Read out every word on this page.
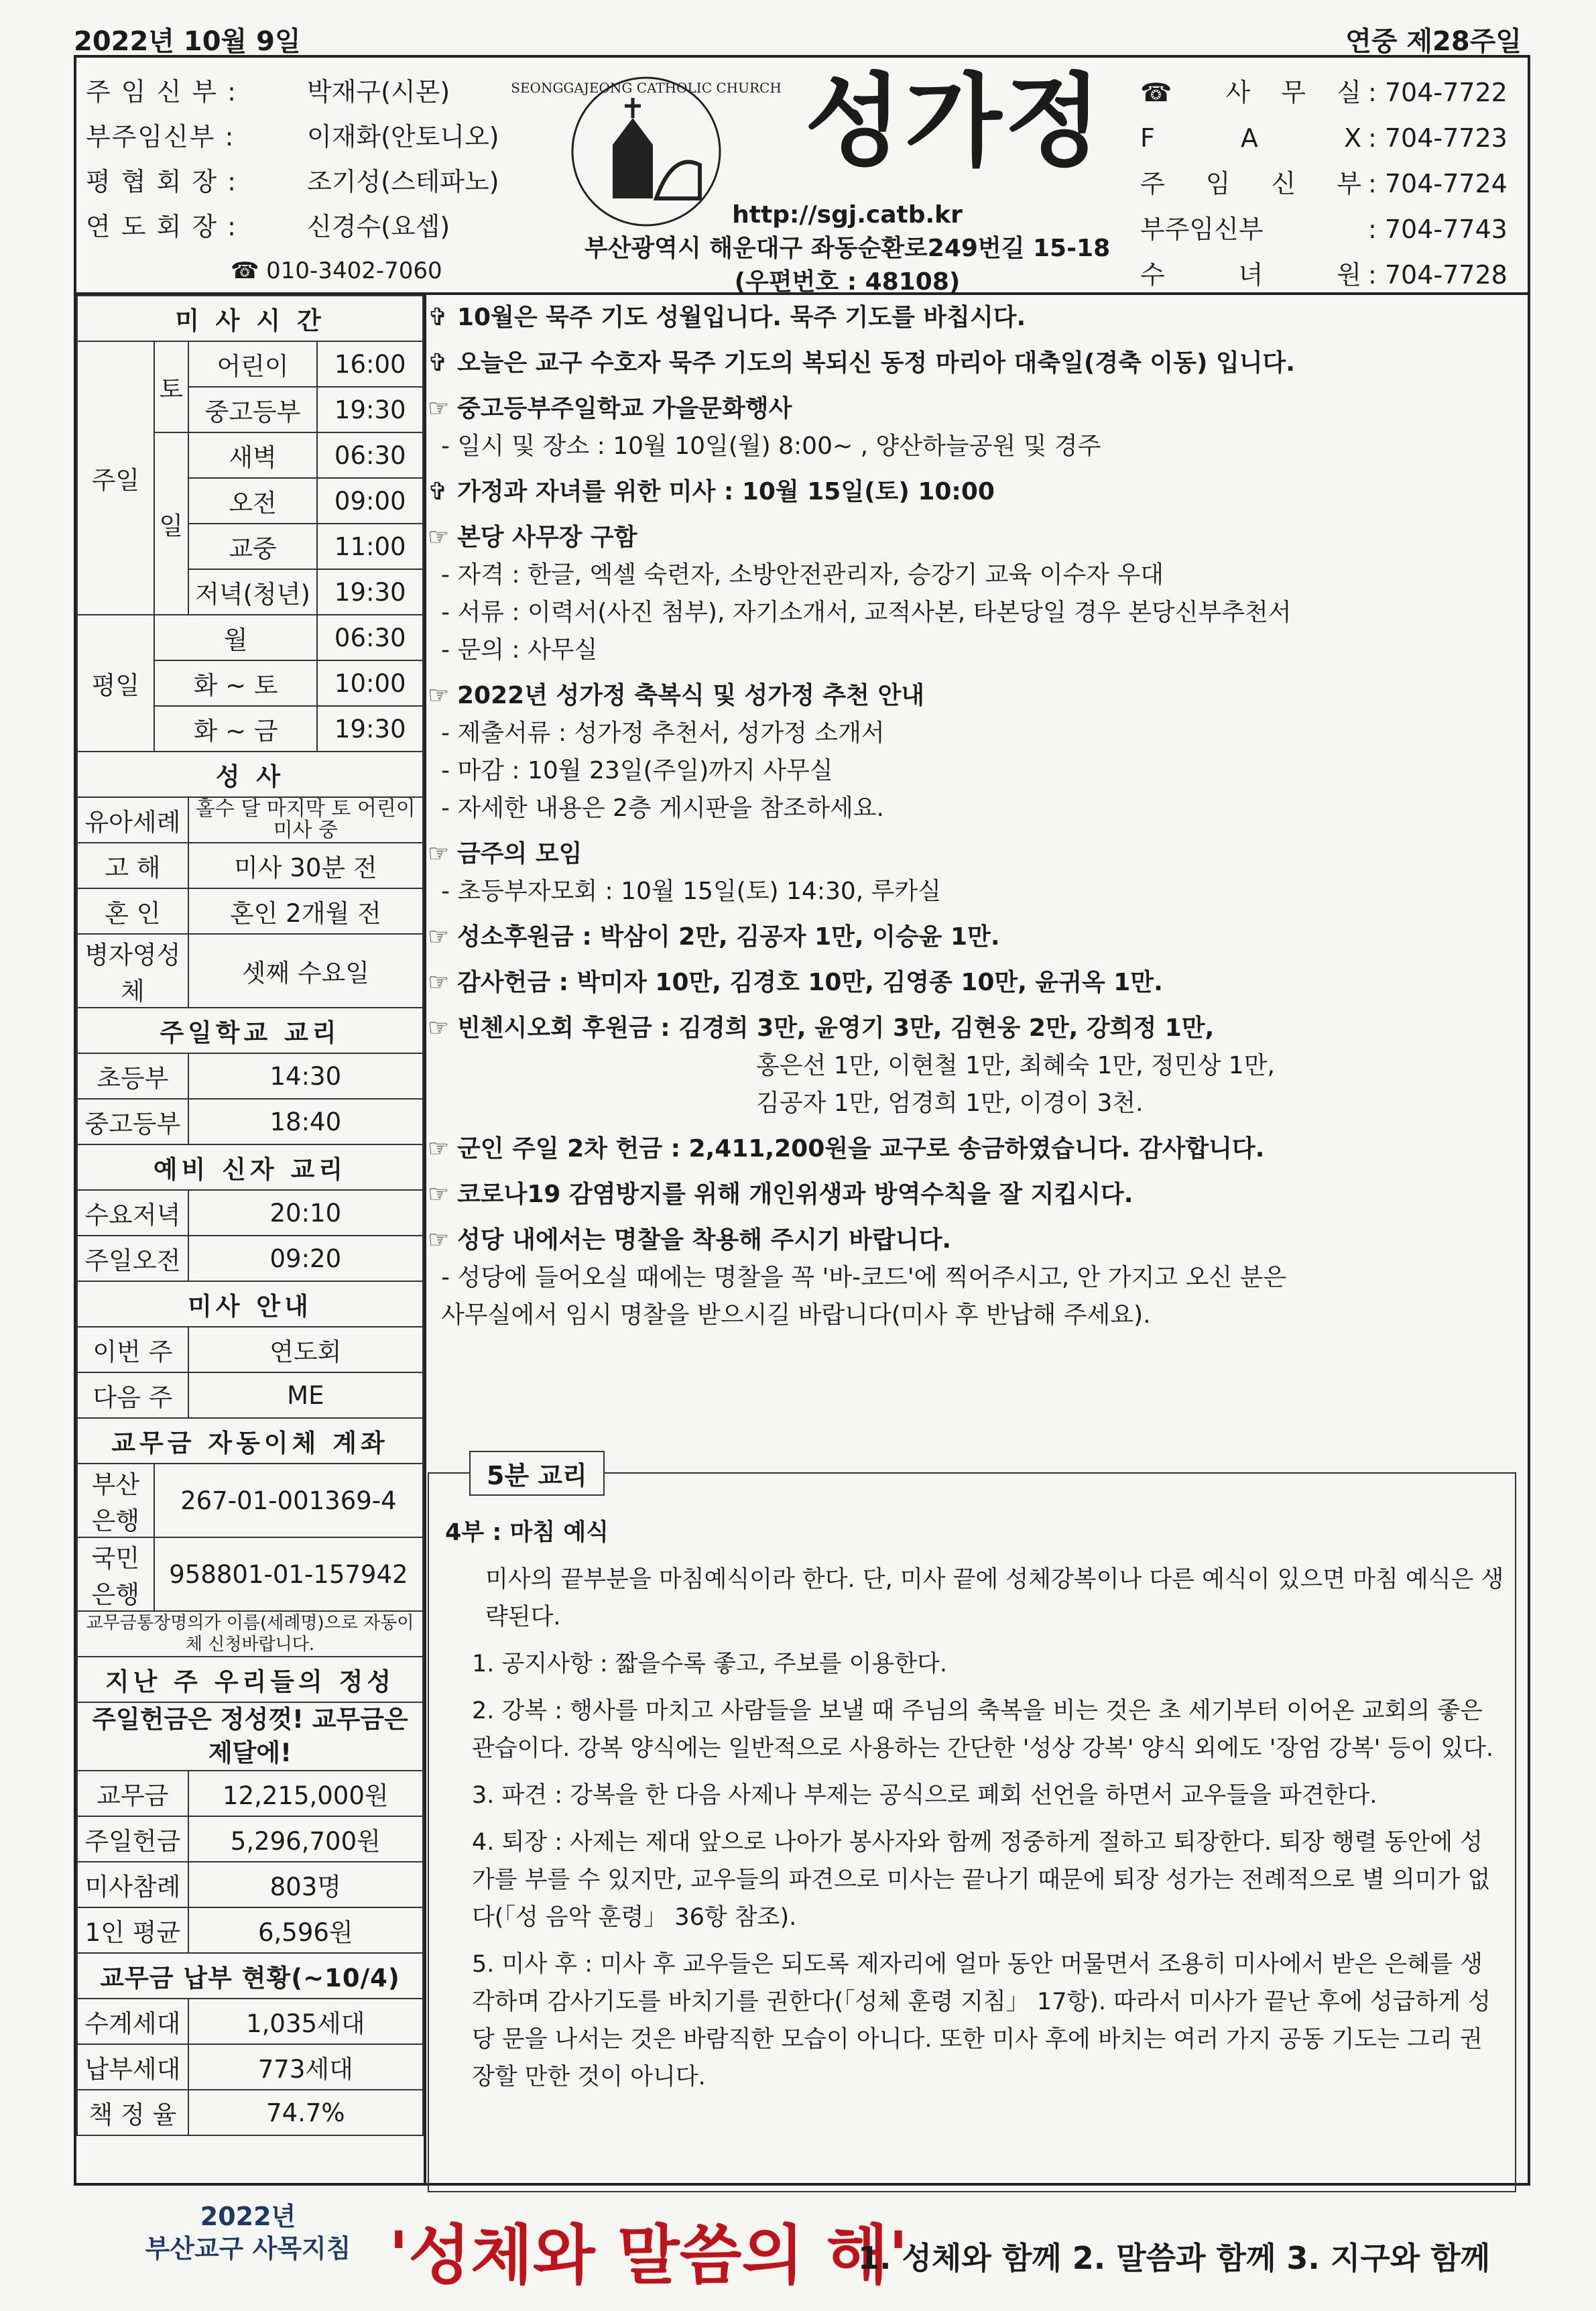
2022년 10월 9일	연중 제28주일
주 임 신 부 :	박재구(시몬)
부주임신부 :	이재화(안토니오)
평 협 회 장 :	조기성(스테파노)
연 도 회 장 :	신경수(요셉)
☎ 010-3402-7060
SEONGGAJEONG CATHOLIC CHURCH 성가정
http://sgj.catb.kr
부산광역시 해운대구 좌동순환로249번길 15-18
(우편번호 : 48108)
☎ 사 무 실 : 704-7722
F A X : 704-7723
주 임 신 부 : 704-7724
부주임신부	: 704-7743
수 녀 원 : 704-7728
미 사 시 간			
주일	토	어린이	16:00
		중고등부	19:30
	일	새벽	06:30
		오전	09:00
		교중	11:00
		저녁(청년)	19:30
평일	월		06:30
	화 ~ 토		10:00
	화 ~ 금		19:30
성 사			
유아세례		홀수 달 마지막 토 어린이 미사 중	
고 해		미사 30분 전	
혼 인		혼인 2개월 전	
병자영성체		셋째 수요일	
주일학교 교리			
초등부		14:30	
중고등부		18:40	
예비 신자 교리			
수요저녁		20:10	
주일오전		09:20	
미사 안내			
이번 주		연도회	
다음 주		ME	
교무금 자동이체 계좌			
부산 은행	267-01-001369-4		
국민 은행	958801-01-157942		
교무금통장명의가 이름(세례명)으로 자동이체 신청바랍니다.			
지난 주 우리들의 정성			
주일헌금은 정성껏! 교무금은 제달에!			
교무금		12,215,000원	
주일헌금		5,296,700원	
미사참례		803명	
1인 평균		6,596원	
교무금 납부 현황(~10/4)			
수계세대		1,035세대	
납부세대		773세대	
책 정 율		74.7%	
✞ 10월은 묵주 기도 성월입니다. 묵주 기도를 바칩시다.
✞ 오늘은 교구 수호자 묵주 기도의 복되신 동정 마리아 대축일(경축 이동) 입니다.
☞ 중고등부주일학교 가을문화행사
- 일시 및 장소 : 10월 10일(월) 8:00~ , 양산하늘공원 및 경주
✞ 가정과 자녀를 위한 미사 : 10월 15일(토) 10:00
☞ 본당 사무장 구함
- 자격 : 한글, 엑셀 숙련자, 소방안전관리자, 승강기 교육 이수자 우대
- 서류 : 이력서(사진 첨부), 자기소개서, 교적사본, 타본당일 경우 본당신부추천서
- 문의 : 사무실
☞ 2022년 성가정 축복식 및 성가정 추천 안내
- 제출서류 : 성가정 추천서, 성가정 소개서
- 마감 : 10월 23일(주일)까지 사무실
- 자세한 내용은 2층 게시판을 참조하세요.
☞ 금주의 모임
- 초등부자모회 : 10월 15일(토) 14:30, 루카실
☞ 성소후원금 : 박삼이 2만, 김공자 1만, 이승윤 1만.
☞ 감사헌금 : 박미자 10만, 김경호 10만, 김영종 10만, 윤귀옥 1만.
☞ 빈첸시오회 후원금 : 김경희 3만, 윤영기 3만, 김현웅 2만, 강희정 1만,
홍은선 1만, 이현철 1만, 최혜숙 1만, 정민상 1만,
김공자 1만, 엄경희 1만, 이경이 3천.
☞ 군인 주일 2차 헌금 : 2,411,200원을 교구로 송금하였습니다. 감사합니다.
☞ 코로나19 감염방지를 위해 개인위생과 방역수칙을 잘 지킵시다.
☞ 성당 내에서는 명찰을 착용해 주시기 바랍니다.
- 성당에 들어오실 때에는 명찰을 꼭 '바-코드'에 찍어주시고, 안 가지고 오신 분은
사무실에서 임시 명찰을 받으시길 바랍니다(미사 후 반납해 주세요).
5분 교리

4부 : 마침 예식

미사의 끝부분을 마침예식이라 한다. 단, 미사 끝에 성체강복이나 다른 예식이 있으면 마침 예식은 생략된다.

1. 공지사항 : 짧을수록 좋고, 주보를 이용한다.

2. 강복 : 행사를 마치고 사람들을 보낼 때 주님의 축복을 비는 것은 초 세기부터 이어온 교회의 좋은 관습이다. 강복 양식에는 일반적으로 사용하는 간단한 '성상 강복' 양식 외에도 '장엄 강복' 등이 있다.

3. 파견 : 강복을 한 다음 사제나 부제는 공식으로 폐회 선언을 하면서 교우들을 파견한다.

4. 퇴장 : 사제는 제대 앞으로 나아가 봉사자와 함께 정중하게 절하고 퇴장한다. 퇴장 행렬 동안에 성가를 부를 수 있지만, 교우들의 파견으로 미사는 끝나기 때문에 퇴장 성가는 전례적으로 별 의미가 없다(「성 음악 훈령」 36항 참조).

5. 미사 후 : 미사 후 교우들은 되도록 제자리에 얼마 동안 머물면서 조용히 미사에서 받은 은혜를 생각하며 감사기도를 바치기를 권한다(「성체 훈령 지침」 17항). 따라서 미사가 끝난 후에 성급하게 성당 문을 나서는 것은 바람직한 모습이 아니다. 또한 미사 후에 바치는 여러 가지 공동 기도는 그리 권장할 만한 것이 아니다.

2022년
부산교구 사목지침 '성체와 말씀의 해'
1. 성체와 함께 2. 말씀과 함께 3. 지구와 함께
